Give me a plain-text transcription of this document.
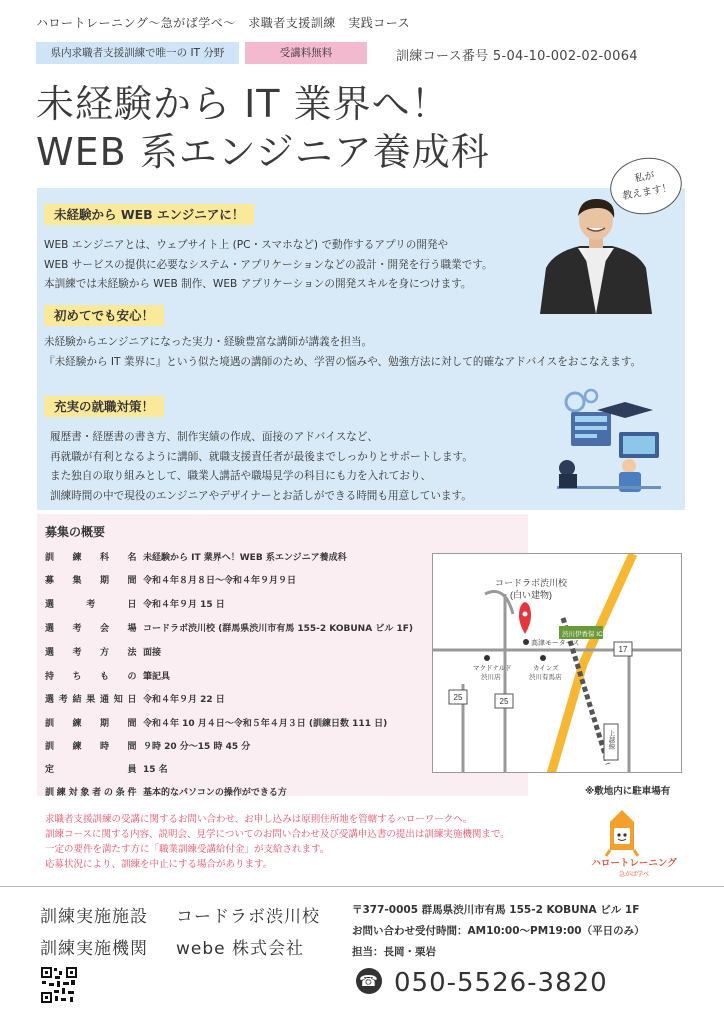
ハロートレーニング〜急がば学べ〜　求職者支援訓練　実践コース
県内求職者支援訓練で唯一の IT 分野	受講料無料	訓練コース番号 5-04-10-002-02-0064
未経験から IT 業界へ！
WEB 系エンジニア養成科
私が
教えます！
未経験から WEB エンジニアに！
WEB エンジニアとは、ウェブサイト上 (PC・スマホなど) で動作するアプリの開発や
WEB サービスの提供に必要なシステム・アプリケーションなどの設計・開発を行う職業です。
本訓練では未経験から WEB 制作、WEB アプリケーションの開発スキルを身につけます。
初めてでも安心！
未経験からエンジニアになった実力・経験豊富な講師が講義を担当。
『未経験から IT 業界に』という似た境遇の講師のため、学習の悩みや、勉強方法に対して的確なアドバイスをおこなえます。
充実の就職対策！
履歴書・経歴書の書き方、制作実績の作成、面接のアドバイスなど、
再就職が有利となるように講師、就職支援責任者が最後までしっかりとサポートします。
また独自の取り組みとして、職業人講話や職場見学の科目にも力を入れており、
訓練時間の中で現役のエンジニアやデザイナーとお話しができる時間も用意しています。
募集の概要
訓練科名 未経験から IT 業界へ！WEB 系エンジニア養成科
募集期間 令和４年８月８日〜令和４年９月９日
選考日 令和４年９月 15 日
選考会場 コードラボ渋川校 (群馬県渋川市有馬 155-2 KOBUNA ビル 1F)
選考方法 面接
持ちもの 筆記具
選考結果通知日 令和４年９月 22 日
訓練期間 令和４年 10 月４日〜令和５年４月３日 (訓練日数 111 日)
訓練時間 ９時 20 分〜15 時 45 分
定員 15 名
訓練対象者の条件 基本的なパソコンの操作ができる方
コードラボ渋川校
(白い建物)
高津モータース
渋川伊香保 IC
マクドナルド
渋川店
カインズ
渋川有馬店
17
25	25
上越線
※敷地内に駐車場有
求職者支援訓練の受講に関するお問い合わせ、お申し込みは原則住所地を管轄するハローワークへ。
訓練コースに関する内容、説明会、見学についてのお問い合わせ及び受講申込書の提出は訓練実施機関まで。
一定の要件を満たす方に「職業訓練受講給付金」が支給されます。
応募状況により、訓練を中止にする場合があります。	ハロートレーニング
急がば学べ
訓練実施施設 コードラボ渋川校
訓練実施機関 webe 株式会社
〒377-0005 群馬県渋川市有馬 155-2 KOBUNA ビル 1F
お問い合わせ受付時間：AM10:00〜PM19:00（平日のみ）
担当：長岡・栗岩
☎ 050-5526-3820
